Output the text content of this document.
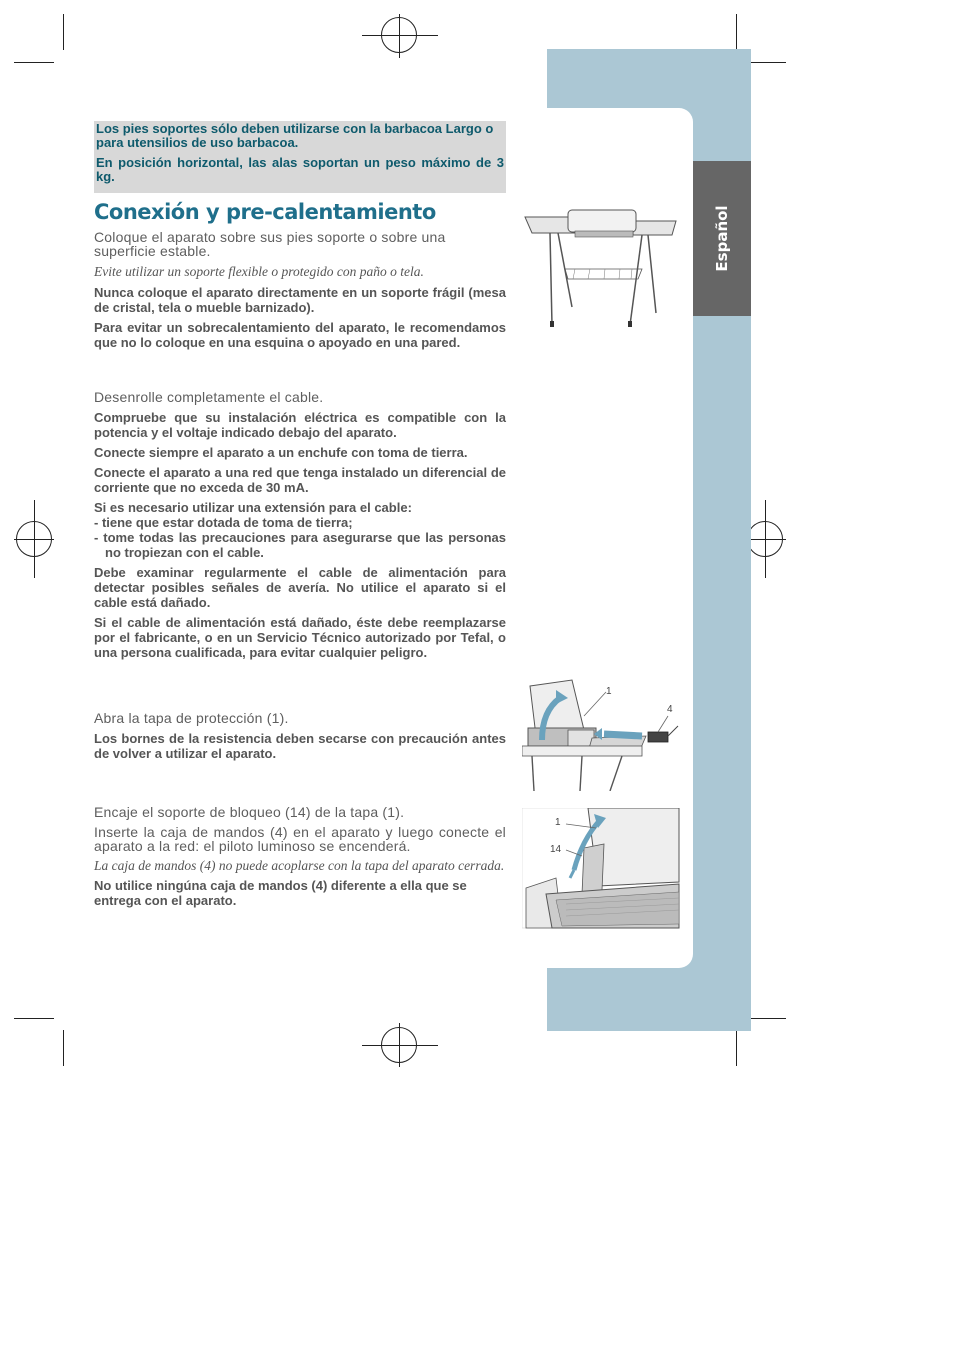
Español

Los pies soportes sólo deben utilizarse con la barbacoa Largo o para utensilios de uso barbacoa.

En posición horizontal, las alas soportan un peso máximo de 3 kg.

Conexión y pre-calentamiento

Coloque el aparato sobre sus pies soporte o sobre una superficie estable.

Evite utilizar un soporte flexible o protegido con paño o tela.

Nunca coloque el aparato directamente en un soporte frágil (mesa de cristal, tela o mueble barnizado).

Para evitar un sobrecalentamiento del aparato, le recomendamos que no lo coloque en una esquina o apoyado en una pared.

Desenrolle completamente el cable.

Compruebe que su instalación eléctrica es compatible con la potencia y el voltaje indicado debajo del aparato.

Conecte siempre el aparato a un enchufe con toma de tierra.

Conecte el aparato a una red que tenga instalado un diferencial de corriente que no exceda de 30 mA.

Si es necesario utilizar una extensión para el cable:

- tiene que estar dotada de toma de tierra;
- tome todas las precauciones para asegurarse que las personas no tropiezan con el cable.

Debe examinar regularmente el cable de alimentación para detectar posibles señales de avería. No utilice el aparato si el cable está dañado.

Si el cable de alimentación está dañado, éste debe reemplazarse por el fabricante, o en un Servicio Técnico autorizado por Tefal, o una persona cualificada, para evitar cualquier peligro.

Abra la tapa de protección (1).

Los bornes de la resistencia deben secarse con precaución antes de volver a utilizar el aparato.

Encaje el soporte de bloqueo (14) de la tapa (1).

Inserte la caja de mandos (4) en el aparato y luego conecte el aparato a la red: el piloto luminoso se encenderá.

La caja de mandos (4) no puede acoplarse con la tapa del aparato cerrada.

No utilice ningúna caja de mandos (4) diferente a ella que se entrega con el aparato.

1
4
1
14
